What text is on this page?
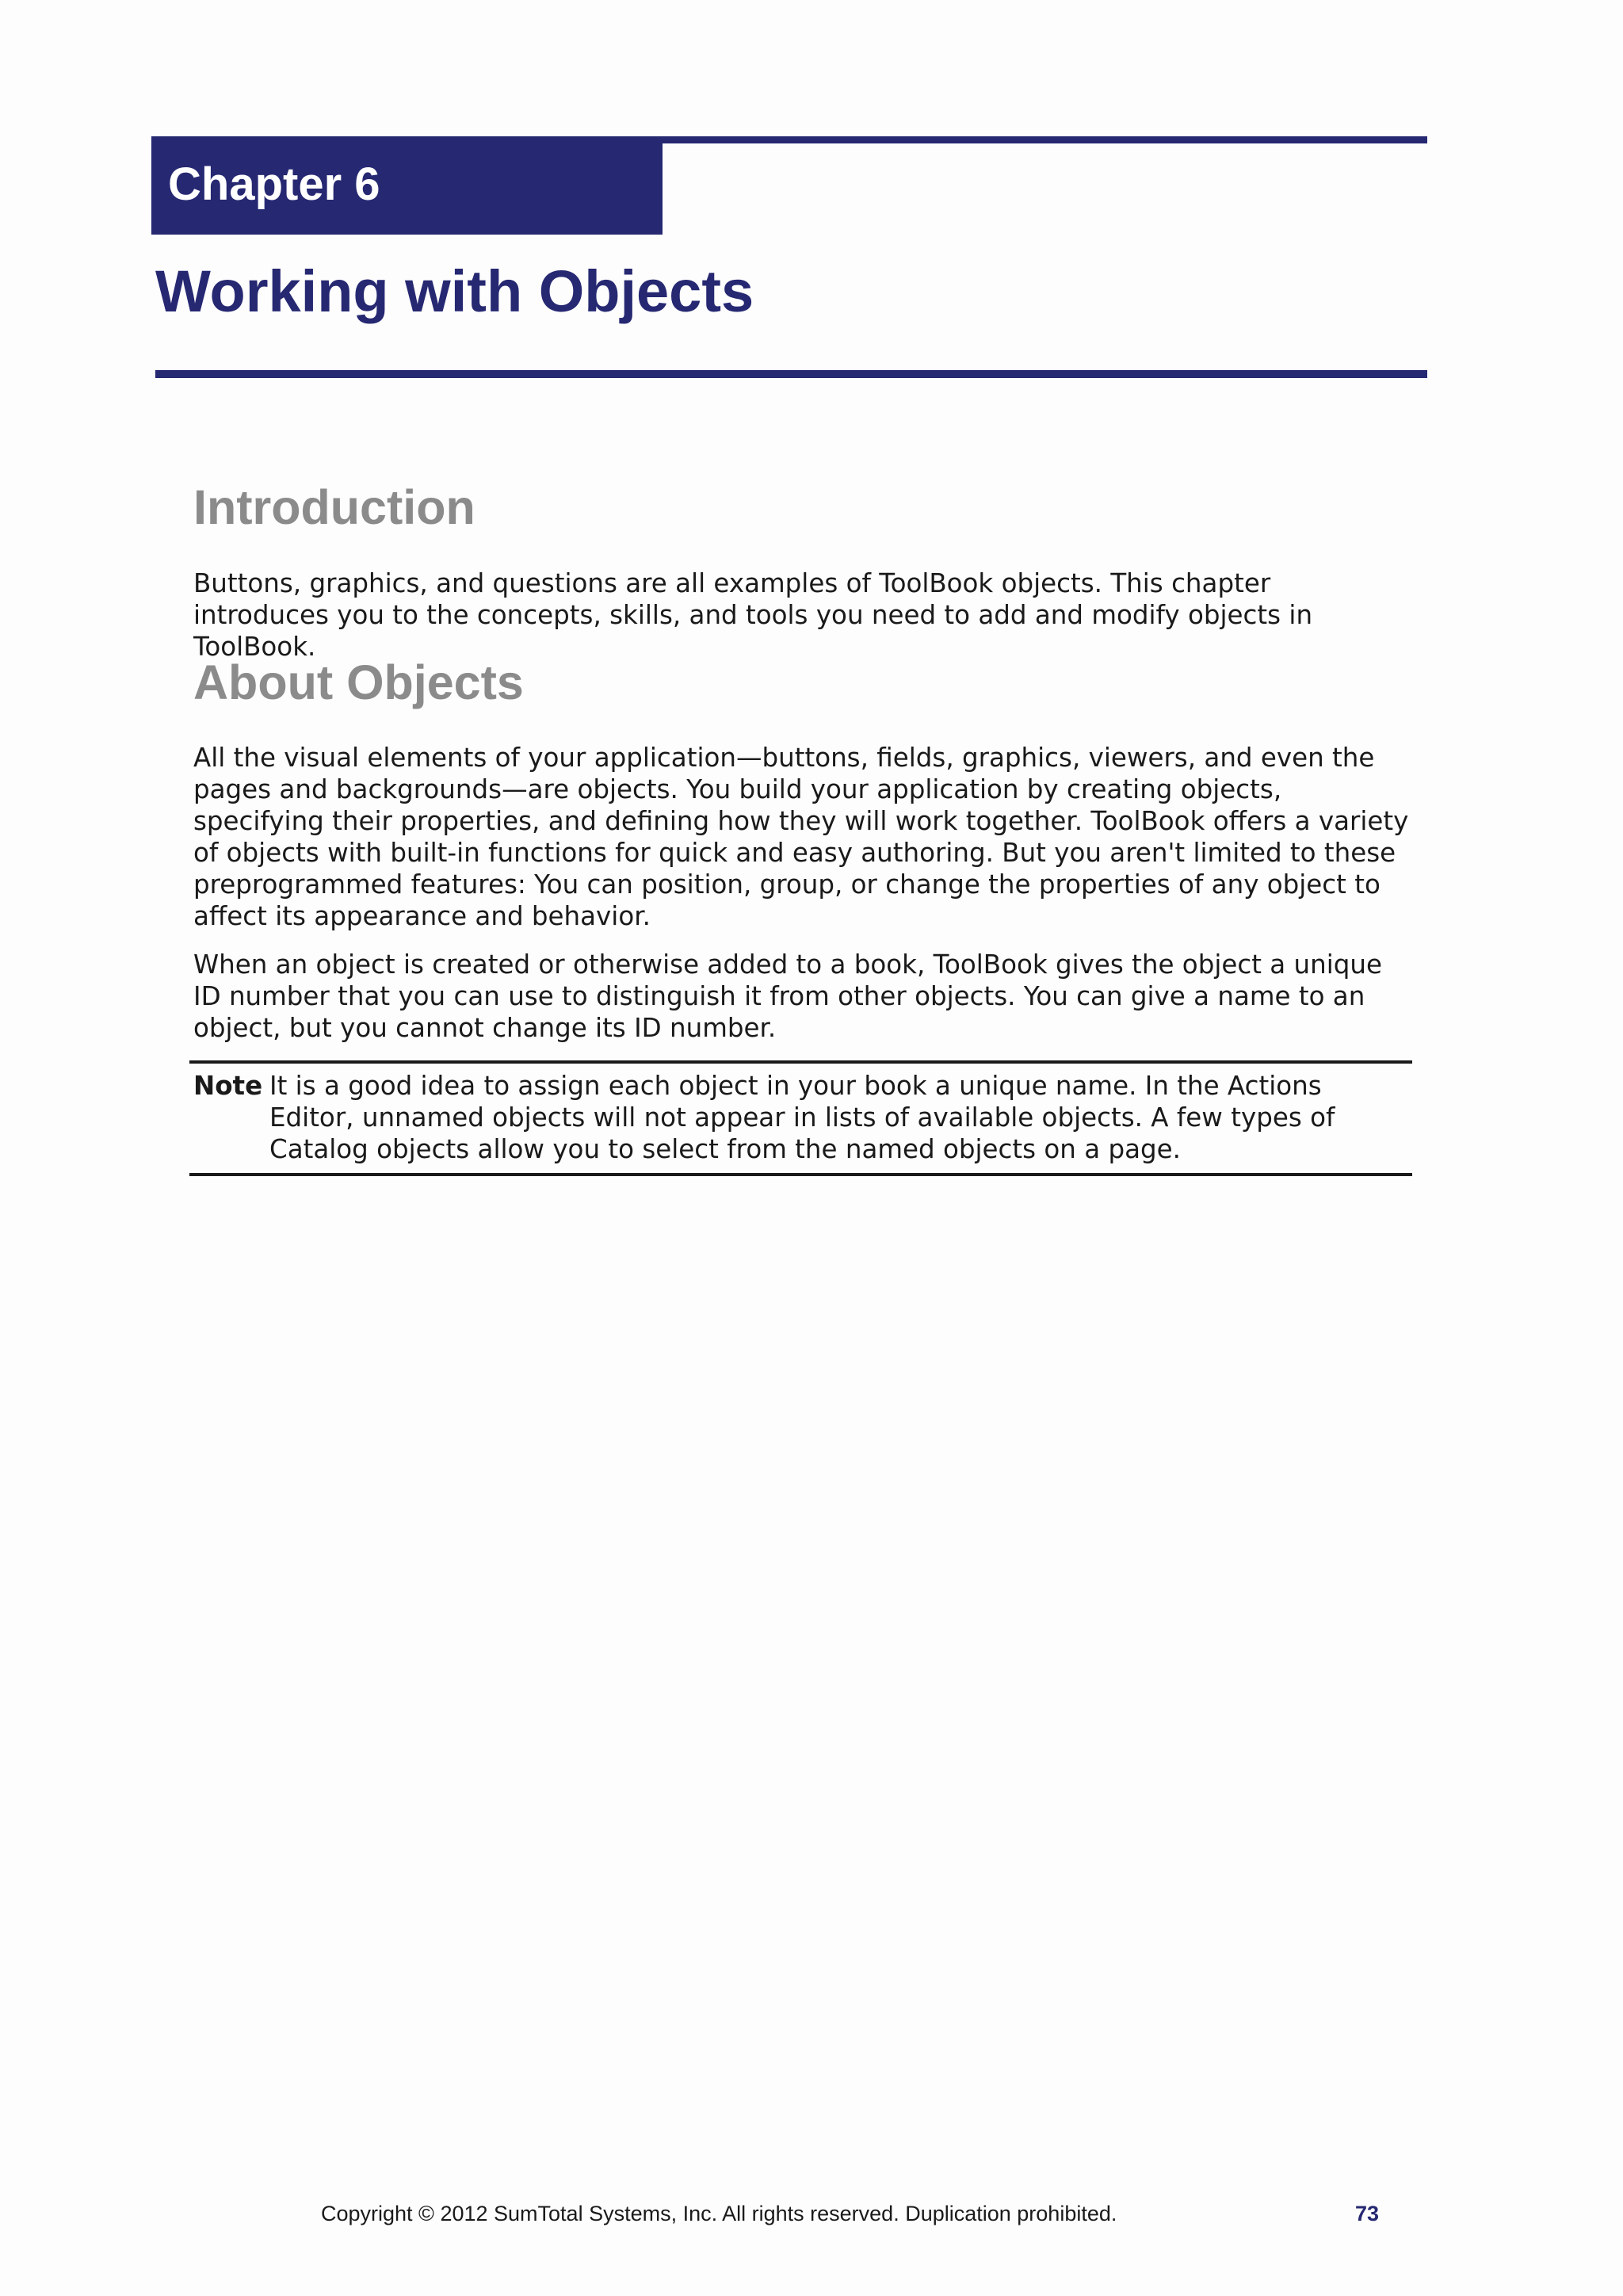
Chapter 6
Working with Objects
Introduction

Buttons, graphics, and questions are all examples of ToolBook objects. This chapter introduces you to the concepts, skills, and tools you need to add and modify objects in ToolBook.

About Objects

All the visual elements of your application—buttons, fields, graphics, viewers, and even the pages and backgrounds—are objects. You build your application by creating objects, specifying their properties, and defining how they will work together. ToolBook offers a variety of objects with built-in functions for quick and easy authoring. But you aren't limited to these preprogrammed features: You can position, group, or change the properties of any object to affect its appearance and behavior.

When an object is created or otherwise added to a book, ToolBook gives the object a unique ID number that you can use to distinguish it from other objects. You can give a name to an object, but you cannot change its ID number.

Note It is a good idea to assign each object in your book a unique name. In the Actions Editor, unnamed objects will not appear in lists of available objects. A few types of Catalog objects allow you to select from the named objects on a page.
Copyright © 2012 SumTotal Systems, Inc. All rights reserved. Duplication prohibited.	73
